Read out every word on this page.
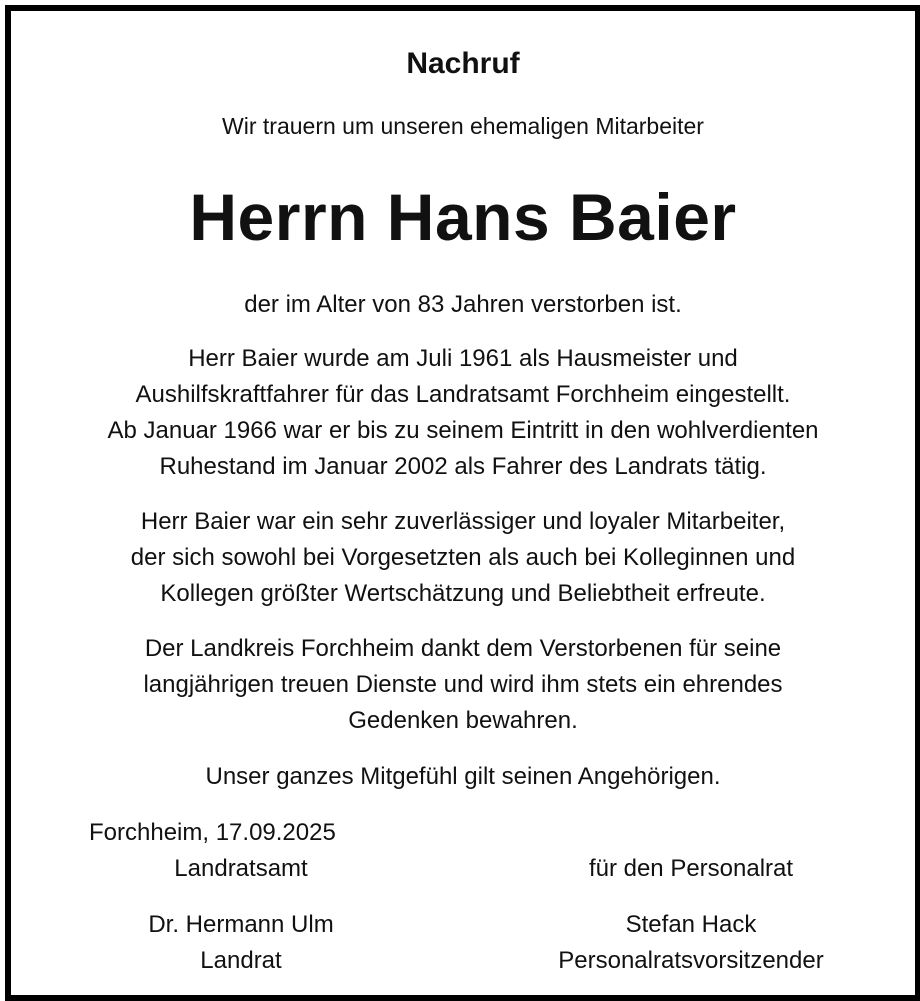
Nachruf
Wir trauern um unseren ehemaligen Mitarbeiter
Herrn Hans Baier
der im Alter von 83 Jahren verstorben ist.
Herr Baier wurde am Juli 1961 als Hausmeister und
Aushilfskraftfahrer für das Landratsamt Forchheim eingestellt.
Ab Januar 1966 war er bis zu seinem Eintritt in den wohlverdienten
Ruhestand im Januar 2002 als Fahrer des Landrats tätig.
Herr Baier war ein sehr zuverlässiger und loyaler Mitarbeiter,
der sich sowohl bei Vorgesetzten als auch bei Kolleginnen und
Kollegen größter Wertschätzung und Beliebtheit erfreute.
Der Landkreis Forchheim dankt dem Verstorbenen für seine
langjährigen treuen Dienste und wird ihm stets ein ehrendes
Gedenken bewahren.
Unser ganzes Mitgefühl gilt seinen Angehörigen.
Forchheim, 17.09.2025
Landratsamt	für den Personalrat
Dr. Hermann Ulm
Landrat
Stefan Hack
Personalratsvorsitzender
